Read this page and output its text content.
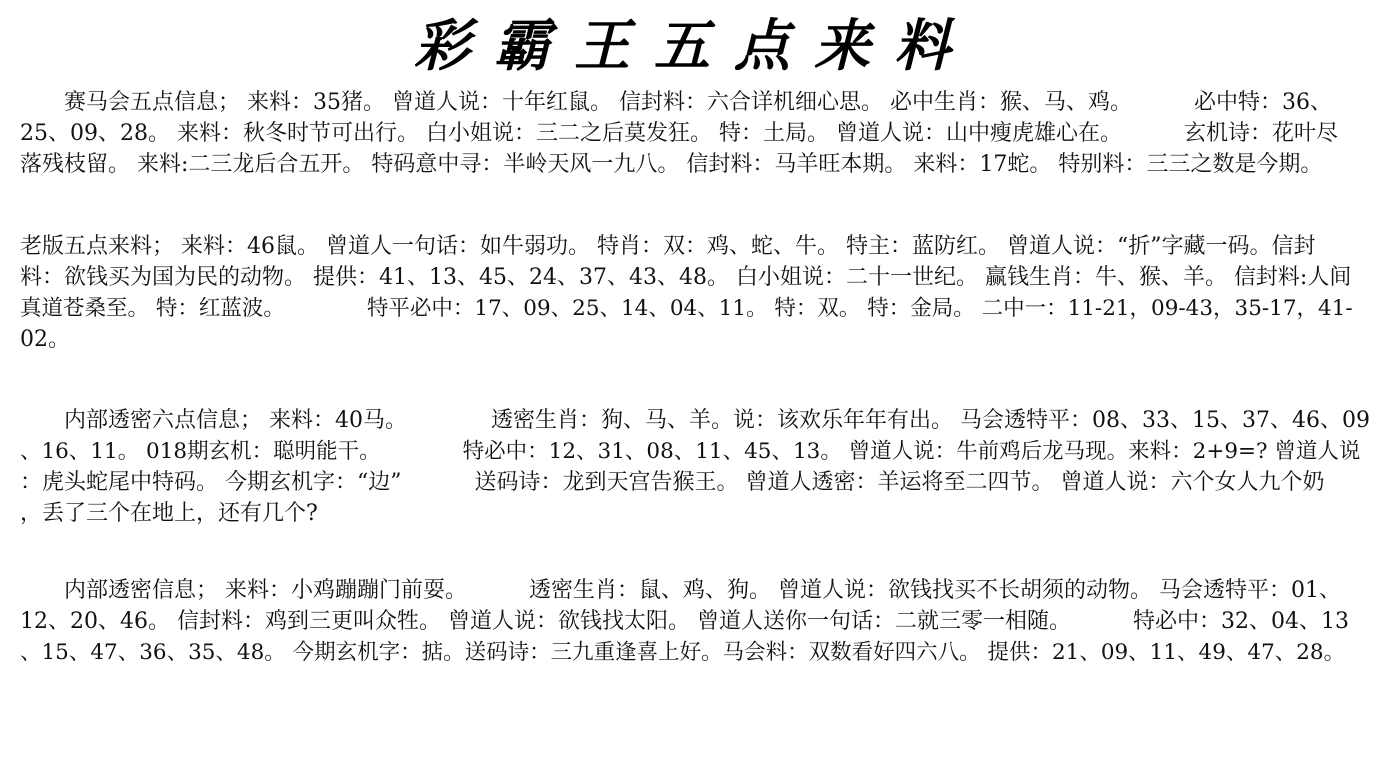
彩霸王五点来料
　　赛马会五点信息； 来料：35猪。 曾道人说：十年红鼠。 信封料：六合详机细心思。 必中生肖：猴、马、鸡。　　　 必中特：36、
25、09、28。 来料：秋冬时节可出行。 白小姐说：三二之后莫发狂。 特：土局。 曾道人说：山中瘦虎雄心在。　　　 玄机诗：花叶尽
落残枝留。 来料:二三龙后合五开。 特码意中寻：半岭天风一九八。 信封料：马羊旺本期。 来料：17蛇。 特别料：三三之数是今期。
老版五点来料； 来料：46鼠。 曾道人一句话：如牛弱功。 特肖：双：鸡、蛇、牛。 特主：蓝防红。 曾道人说：“折”字藏一码。信封
料：欲钱买为国为民的动物。 提供：41、13、45、24、37、43、48。 白小姐说：二十一世纪。 赢钱生肖：牛、猴、羊。 信封料:人间
真道苍桑至。 特：红蓝波。　　　　 特平必中：17、09、25、14、04、11。 特：双。 特：金局。 二中一：11-21，09-43，35-17，41-
02。
　　内部透密六点信息； 来料：40马。　　　　 透密生肖：狗、马、羊。说：该欢乐年年有出。 马会透特平：08、33、15、37、46、09
、16、11。 018期玄机：聪明能干。　　　　 特必中：12、31、08、11、45、13。 曾道人说：牛前鸡后龙马现。来料：2+9=? 曾道人说
：虎头蛇尾中特码。 今期玄机字：“边”　　　 送码诗：龙到天宫告猴王。 曾道人透密：羊运将至二四节。 曾道人说：六个女人九个奶
，丢了三个在地上，还有几个?
　　内部透密信息； 来料：小鸡蹦蹦门前耍。　　　 透密生肖：鼠、鸡、狗。 曾道人说：欲钱找买不长胡须的动物。 马会透特平：01、
12、20、46。 信封料：鸡到三更叫众牲。 曾道人说：欲钱找太阳。 曾道人送你一句话：二就三零一相随。　　　 特必中：32、04、13
、15、47、36、35、48。 今期玄机字：掂。送码诗：三九重逢喜上好。马会料：双数看好四六八。 提供：21、09、11、49、47、28。
